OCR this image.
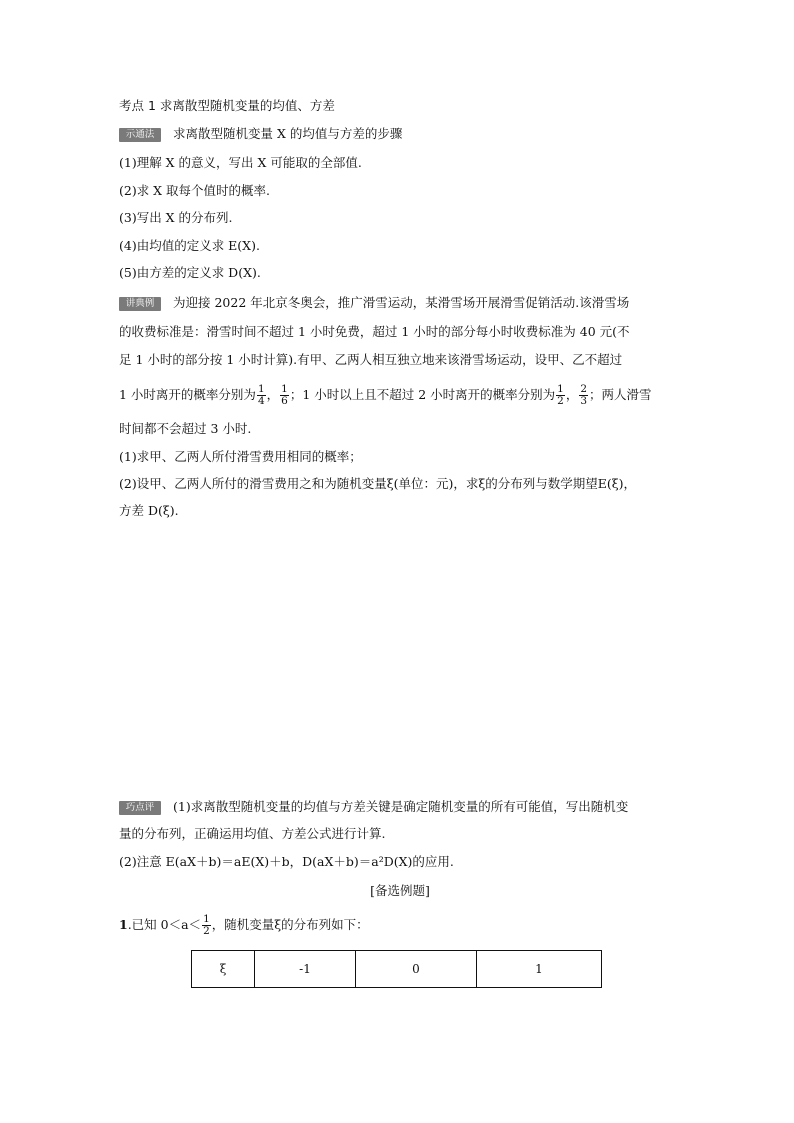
考点 1 求离散型随机变量的均值、方差
示通法 求离散型随机变量 X 的均值与方差的步骤
(1)理解 X 的意义，写出 X 可能取的全部值.
(2)求 X 取每个值时的概率.
(3)写出 X 的分布列.
(4)由均值的定义求 E(X).
(5)由方差的定义求 D(X).
讲典例 为迎接 2022 年北京冬奥会，推广滑雪运动，某滑雪场开展滑雪促销活动.该滑雪场
的收费标准是：滑雪时间不超过 1 小时免费，超过 1 小时的部分每小时收费标准为 40 元(不
足 1 小时的部分按 1 小时计算).有甲、乙两人相互独立地来该滑雪场运动，设甲、乙不超过
1 小时离开的概率分别为 $\frac{1}{4}$ ， $\frac{1}{6}$ ；1 小时以上且不超过 2 小时离开的概率分别为 $\frac{1}{2}$ ， $\frac{2}{3}$ ；两人滑雪
时间都不会超过 3 小时.
(1)求甲、乙两人所付滑雪费用相同的概率；
(2)设甲、乙两人所付的滑雪费用之和为随机变量ξ(单位：元)，求ξ的分布列与数学期望E(ξ)，
方差 D(ξ).
巧点评 (1)求离散型随机变量的均值与方差关键是确定随机变量的所有可能值，写出随机变
量的分布列，正确运用均值、方差公式进行计算.
(2)注意 E(aX＋b)＝aE(X)＋b，D(aX＋b)＝a²D(X)的应用.
[备选例题]
1.已知 $0<a< \frac{1}{2}$ ，随机变量ξ的分布列如下：
ξ	-1	0	1
